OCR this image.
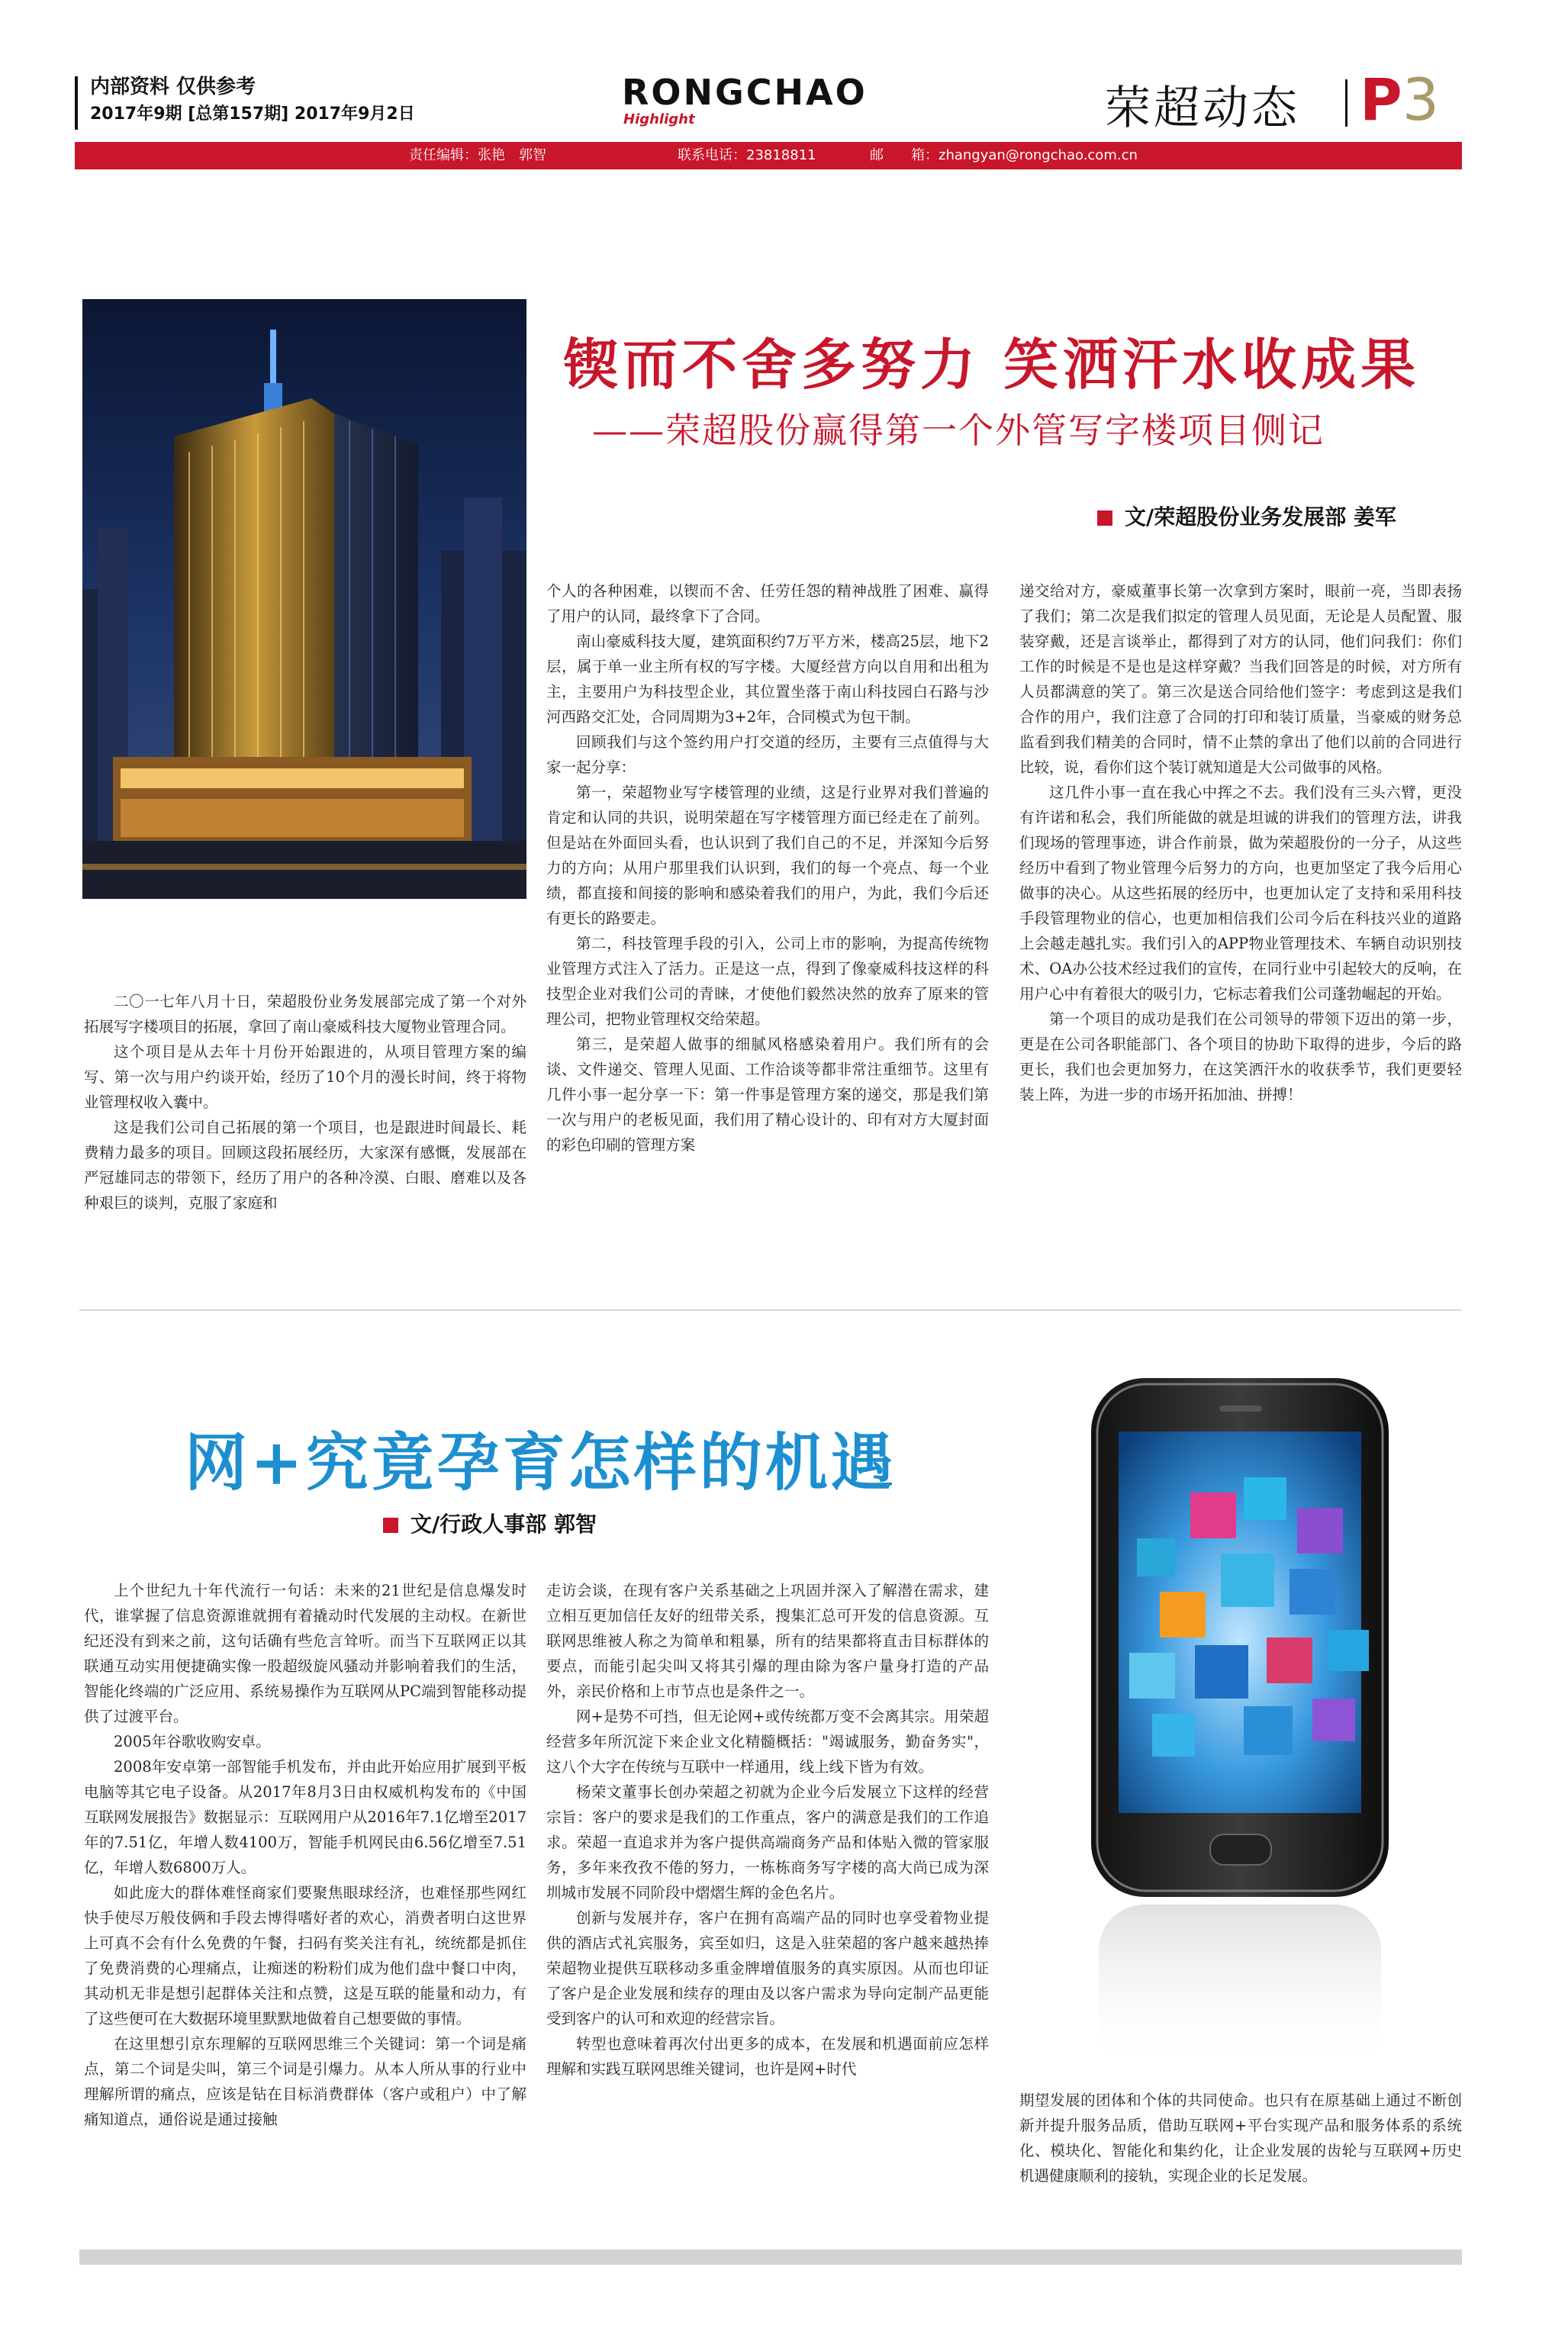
内部资料 仅供参考
2017年9期 [总第157期] 2017年9月2日
RONGCHAO
Highlight	荣超动态 P3
责任编辑：张艳　郭智	联系电话：23818811	邮　　箱：zhangyan@rongchao.com.cn
锲而不舍多努力 笑洒汗水收成果
——荣超股份赢得第一个外管写字楼项目侧记
文/荣超股份业务发展部 姜军

二〇一七年八月十日，荣超股份业务发展部完成了第一个对外拓展写字楼项目的拓展，拿回了南山豪威科技大厦物业管理合同。

这个项目是从去年十月份开始跟进的，从项目管理方案的编写、第一次与用户约谈开始，经历了10个月的漫长时间，终于将物业管理权收入囊中。

这是我们公司自己拓展的第一个项目，也是跟进时间最长、耗费精力最多的项目。回顾这段拓展经历，大家深有感慨，发展部在严冠雄同志的带领下，经历了用户的各种冷漠、白眼、磨难以及各种艰巨的谈判，克服了家庭和

个人的各种困难，以锲而不舍、任劳任怨的精神战胜了困难、赢得了用户的认同，最终拿下了合同。

南山豪威科技大厦，建筑面积约7万平方米，楼高25层，地下2层，属于单一业主所有权的写字楼。大厦经营方向以自用和出租为主，主要用户为科技型企业，其位置坐落于南山科技园白石路与沙河西路交汇处，合同周期为3+2年，合同模式为包干制。

回顾我们与这个签约用户打交道的经历，主要有三点值得与大家一起分享：

第一，荣超物业写字楼管理的业绩，这是行业界对我们普遍的肯定和认同的共识，说明荣超在写字楼管理方面已经走在了前列。但是站在外面回头看，也认识到了我们自己的不足，并深知今后努力的方向；从用户那里我们认识到，我们的每一个亮点、每一个业绩，都直接和间接的影响和感染着我们的用户，为此，我们今后还有更长的路要走。

第二，科技管理手段的引入，公司上市的影响，为提高传统物业管理方式注入了活力。正是这一点，得到了像豪威科技这样的科技型企业对我们公司的青睐，才使他们毅然决然的放弃了原来的管理公司，把物业管理权交给荣超。

第三，是荣超人做事的细腻风格感染着用户。我们所有的会谈、文件递交、管理人见面、工作洽谈等都非常注重细节。这里有几件小事一起分享一下：第一件事是管理方案的递交，那是我们第一次与用户的老板见面，我们用了精心设计的、印有对方大厦封面的彩色印刷的管理方案

递交给对方，豪威董事长第一次拿到方案时，眼前一亮，当即表扬了我们；第二次是我们拟定的管理人员见面，无论是人员配置、服装穿戴，还是言谈举止，都得到了对方的认同，他们问我们：你们工作的时候是不是也是这样穿戴？当我们回答是的时候，对方所有人员都满意的笑了。第三次是送合同给他们签字：考虑到这是我们合作的用户，我们注意了合同的打印和装订质量，当豪威的财务总监看到我们精美的合同时，情不止禁的拿出了他们以前的合同进行比较，说，看你们这个装订就知道是大公司做事的风格。

这几件小事一直在我心中挥之不去。我们没有三头六臂，更没有许诺和私会，我们所能做的就是坦诚的讲我们的管理方法，讲我们现场的管理事迹，讲合作前景，做为荣超股份的一分子，从这些经历中看到了物业管理今后努力的方向，也更加坚定了我今后用心做事的决心。从这些拓展的经历中，也更加认定了支持和采用科技手段管理物业的信心，也更加相信我们公司今后在科技兴业的道路上会越走越扎实。我们引入的APP物业管理技术、车辆自动识别技术、OA办公技术经过我们的宣传，在同行业中引起较大的反响，在用户心中有着很大的吸引力，它标志着我们公司蓬勃崛起的开始。

第一个项目的成功是我们在公司领导的带领下迈出的第一步，更是在公司各职能部门、各个项目的协助下取得的进步，今后的路更长，我们也会更加努力，在这笑洒汗水的收获季节，我们更要轻装上阵，为进一步的市场开拓加油、拼搏！

网+究竟孕育怎样的机遇
文/行政人事部 郭智

上个世纪九十年代流行一句话：未来的21世纪是信息爆发时代，谁掌握了信息资源谁就拥有着撬动时代发展的主动权。在新世纪还没有到来之前，这句话确有些危言耸听。而当下互联网正以其联通互动实用便捷确实像一股超级旋风骚动并影响着我们的生活，智能化终端的广泛应用、系统易操作为互联网从PC端到智能移动提供了过渡平台。

2005年谷歌收购安卓。

2008年安卓第一部智能手机发布，并由此开始应用扩展到平板电脑等其它电子设备。从2017年8月3日由权威机构发布的《中国互联网发展报告》数据显示：互联网用户从2016年7.1亿增至2017年的7.51亿，年增人数4100万，智能手机网民由6.56亿增至7.51亿，年增人数6800万人。

如此庞大的群体难怪商家们要聚焦眼球经济，也难怪那些网红快手使尽万般伎俩和手段去博得嗜好者的欢心，消费者明白这世界上可真不会有什么免费的午餐，扫码有奖关注有礼，统统都是抓住了免费消费的心理痛点，让痴迷的粉粉们成为他们盘中餐口中肉，其动机无非是想引起群体关注和点赞，这是互联的能量和动力，有了这些便可在大数据环境里默默地做着自己想要做的事情。

在这里想引京东理解的互联网思维三个关键词：第一个词是痛点，第二个词是尖叫，第三个词是引爆力。从本人所从事的行业中理解所谓的痛点，应该是钻在目标消费群体（客户或租户）中了解痛知道点，通俗说是通过接触

走访会谈，在现有客户关系基础之上巩固并深入了解潜在需求，建立相互更加信任友好的纽带关系，搜集汇总可开发的信息资源。互联网思维被人称之为简单和粗暴，所有的结果都将直击目标群体的要点，而能引起尖叫又将其引爆的理由除为客户量身打造的产品外，亲民价格和上市节点也是条件之一。

网+是势不可挡，但无论网+或传统都万变不会离其宗。用荣超经营多年所沉淀下来企业文化精髓概括："竭诚服务，勤奋务实"，这八个大字在传统与互联中一样通用，线上线下皆为有效。

杨荣文董事长创办荣超之初就为企业今后发展立下这样的经营宗旨：客户的要求是我们的工作重点，客户的满意是我们的工作追求。荣超一直追求并为客户提供高端商务产品和体贴入微的管家服务，多年来孜孜不倦的努力，一栋栋商务写字楼的高大尚已成为深圳城市发展不同阶段中熠熠生辉的金色名片。

创新与发展并存，客户在拥有高端产品的同时也享受着物业提供的酒店式礼宾服务，宾至如归，这是入驻荣超的客户越来越热捧荣超物业提供互联移动多重金牌增值服务的真实原因。从而也印证了客户是企业发展和续存的理由及以客户需求为导向定制产品更能受到客户的认可和欢迎的经营宗旨。

转型也意味着再次付出更多的成本，在发展和机遇面前应怎样理解和实践互联网思维关键词，也许是网+时代

期望发展的团体和个体的共同使命。也只有在原基础上通过不断创新并提升服务品质，借助互联网+平台实现产品和服务体系的系统化、模块化、智能化和集约化，让企业发展的齿轮与互联网+历史机遇健康顺利的接轨，实现企业的长足发展。
